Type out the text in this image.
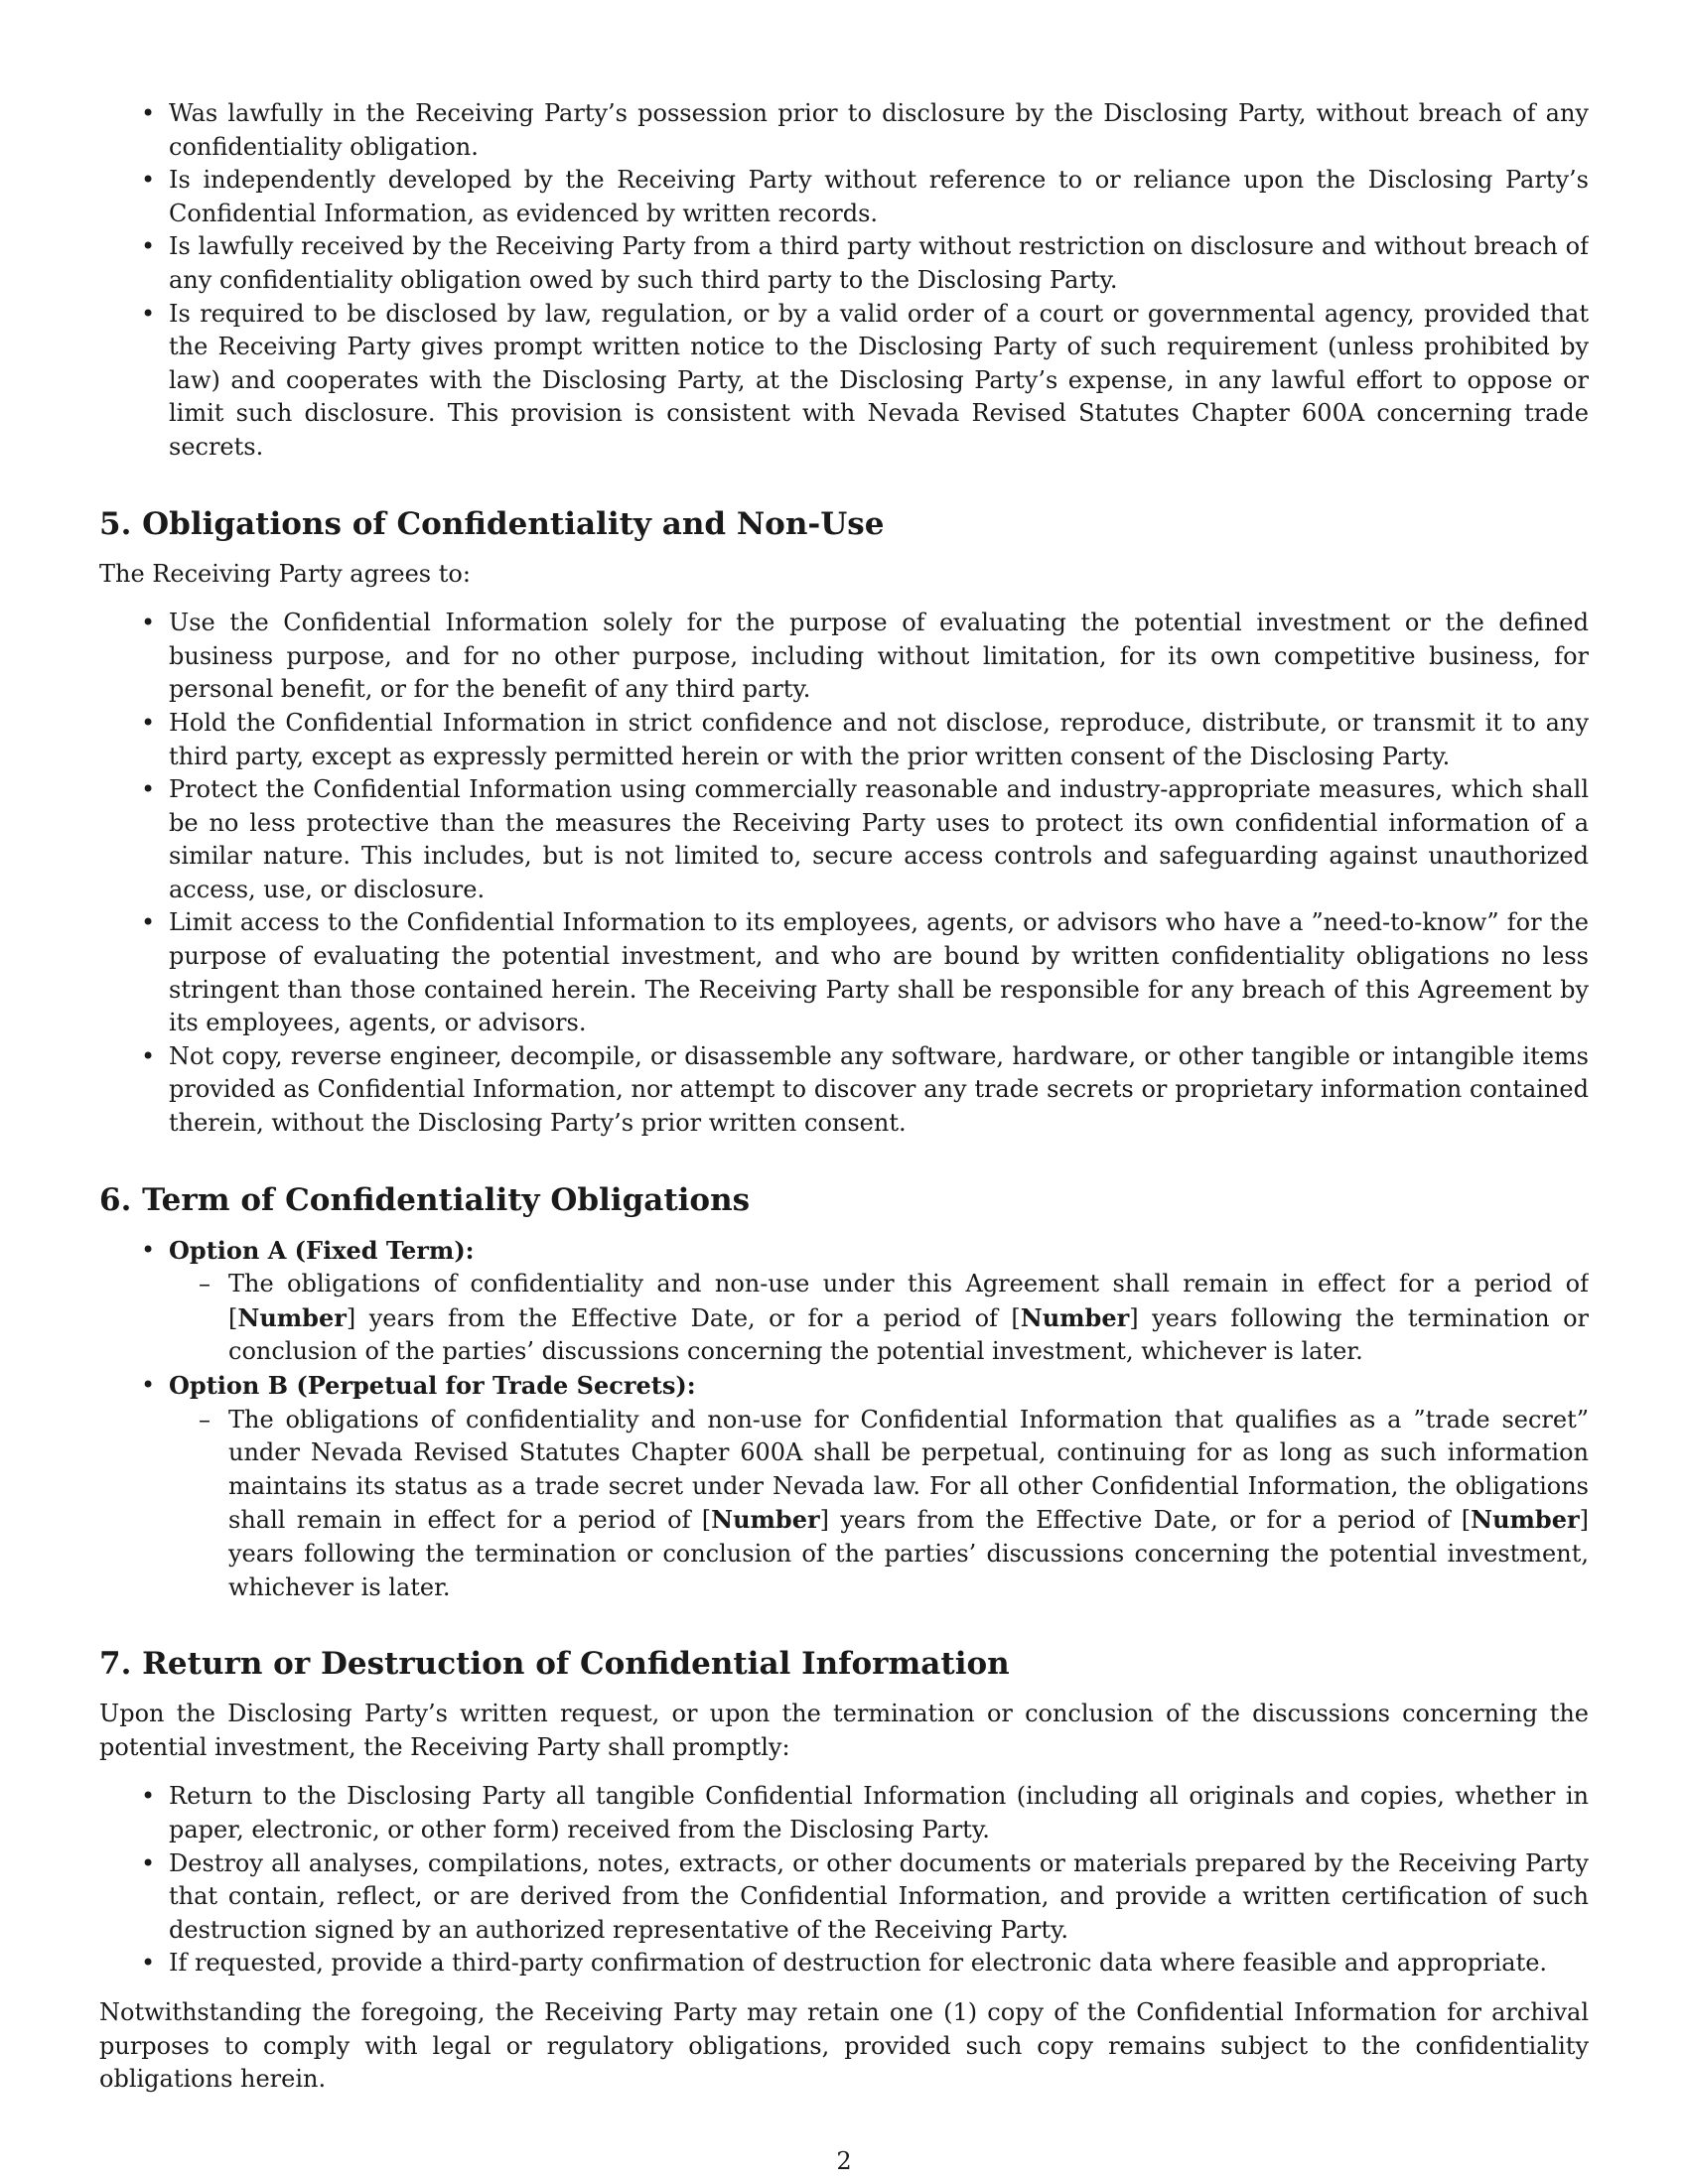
• Was lawfully in the Receiving Party’s possession prior to disclosure by the Disclosing Party, without breach of any confidentiality obligation.
• Is independently developed by the Receiving Party without reference to or reliance upon the Disclosing Party’s Confidential Information, as evidenced by written records.
• Is lawfully received by the Receiving Party from a third party without restriction on disclosure and without breach of any confidentiality obligation owed by such third party to the Disclosing Party.
• Is required to be disclosed by law, regulation, or by a valid order of a court or governmental agency, provided that the Receiving Party gives prompt written notice to the Disclosing Party of such requirement (unless prohibited by law) and cooperates with the Disclosing Party, at the Disclosing Party’s expense, in any lawful effort to oppose or limit such disclosure. This provision is consistent with Nevada Revised Statutes Chapter 600A concerning trade secrets.
5. Obligations of Confidentiality and Non-Use

The Receiving Party agrees to:

• Use the Confidential Information solely for the purpose of evaluating the potential investment or the defined business purpose, and for no other purpose, including without limitation, for its own competitive business, for personal benefit, or for the benefit of any third party.
• Hold the Confidential Information in strict confidence and not disclose, reproduce, distribute, or transmit it to any third party, except as expressly permitted herein or with the prior written consent of the Disclosing Party.
• Protect the Confidential Information using commercially reasonable and industry-appropriate measures, which shall be no less protective than the measures the Receiving Party uses to protect its own confidential information of a similar nature. This includes, but is not limited to, secure access controls and safeguarding against unauthorized access, use, or disclosure.
• Limit access to the Confidential Information to its employees, agents, or advisors who have a ”need-to-know” for the purpose of evaluating the potential investment, and who are bound by written confidentiality obligations no less stringent than those contained herein. The Receiving Party shall be responsible for any breach of this Agreement by its employees, agents, or advisors.
• Not copy, reverse engineer, decompile, or disassemble any software, hardware, or other tangible or intangible items provided as Confidential Information, nor attempt to discover any trade secrets or proprietary information contained therein, without the Disclosing Party’s prior written consent.
6. Term of Confidentiality Obligations
• Option A (Fixed Term):
– The obligations of confidentiality and non-use under this Agreement shall remain in effect for a period of [Number] years from the Effective Date, or for a period of [Number] years following the termination or conclusion of the parties’ discussions concerning the potential investment, whichever is later.
• Option B (Perpetual for Trade Secrets):
– The obligations of confidentiality and non-use for Confidential Information that qualifies as a ”trade secret” under Nevada Revised Statutes Chapter 600A shall be perpetual, continuing for as long as such information maintains its status as a trade secret under Nevada law. For all other Confidential Information, the obligations shall remain in effect for a period of [Number] years from the Effective Date, or for a period of [Number] years following the termination or conclusion of the parties’ discussions concerning the potential investment, whichever is later.
7. Return or Destruction of Confidential Information

Upon the Disclosing Party’s written request, or upon the termination or conclusion of the discussions concerning the potential investment, the Receiving Party shall promptly:

• Return to the Disclosing Party all tangible Confidential Information (including all originals and copies, whether in paper, electronic, or other form) received from the Disclosing Party.
• Destroy all analyses, compilations, notes, extracts, or other documents or materials prepared by the Receiving Party that contain, reflect, or are derived from the Confidential Information, and provide a written certification of such destruction signed by an authorized representative of the Receiving Party.
• If requested, provide a third-party confirmation of destruction for electronic data where feasible and appropriate.

Notwithstanding the foregoing, the Receiving Party may retain one (1) copy of the Confidential Information for archival purposes to comply with legal or regulatory obligations, provided such copy remains subject to the confidentiality obligations herein.

2
